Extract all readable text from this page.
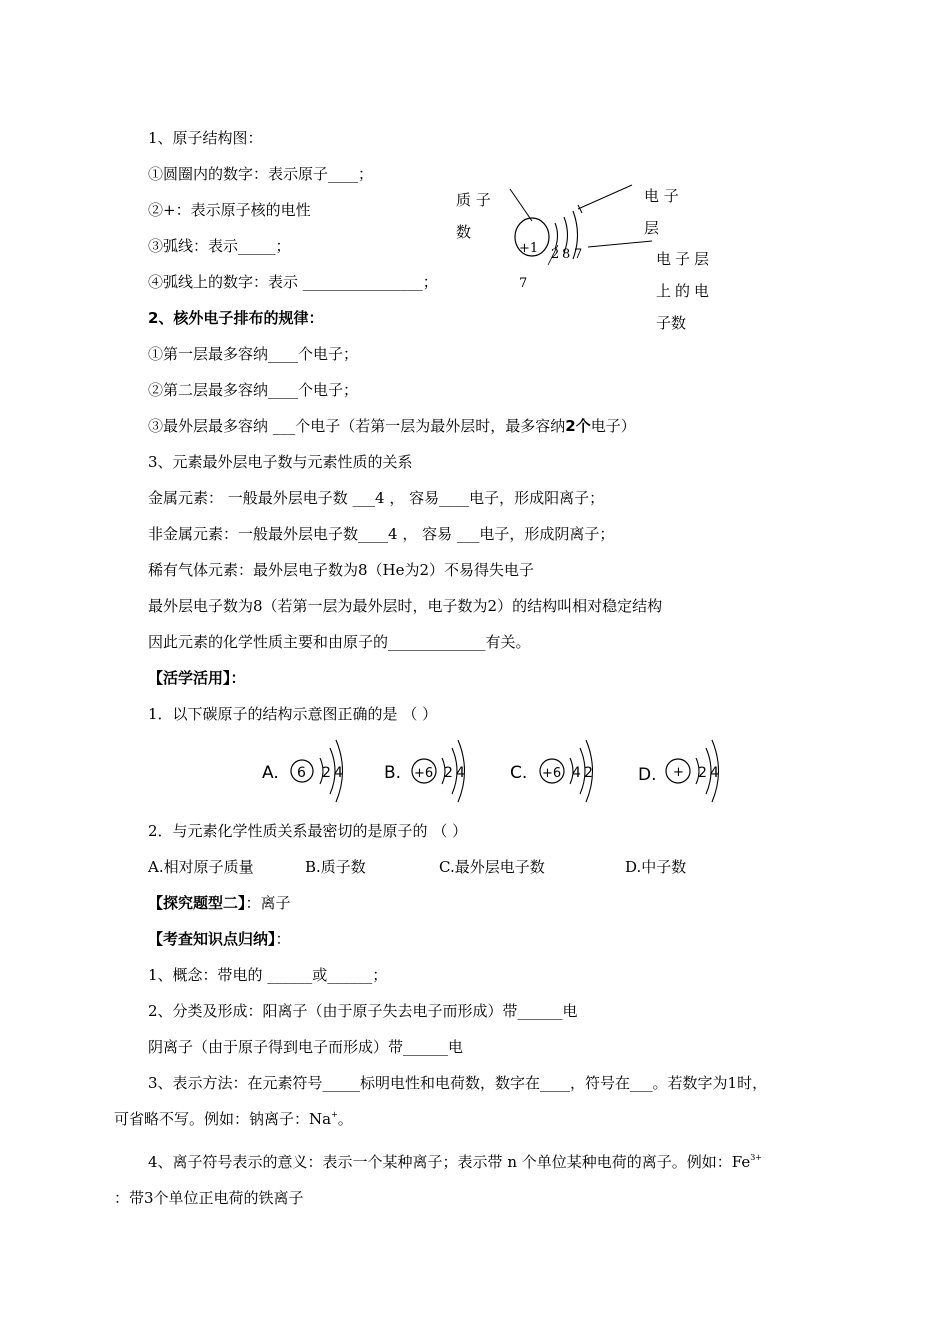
1、原子结构图：
①圆圈内的数字：表示原子____；
②+：表示原子核的电性
③弧线：表示_____；
④弧线上的数字：表示 ________________；
质 子
数
电 子
层
电子层
上的电
子数
+1 2 8 7
7
2、核外电子排布的规律：
①第一层最多容纳____个电子；
②第二层最多容纳____个电子；
③最外层最多容纳 ___个电子（若第一层为最外层时，最多容纳2个电子）
3、元素最外层电子数与元素性质的关系
金属元素： 一般最外层电子数 ___4 ， 容易____电子，形成阳离子；
非金属元素：一般最外层电子数____4 ， 容易 ___电子，形成阴离子；
稀有气体元素：最外层电子数为8（He为2）不易得失电子
最外层电子数为8（若第一层为最外层时，电子数为2）的结构叫相对稳定结构
因此元素的化学性质主要和由原子的_____________有关。
【活学活用】：
1．以下碳原子的结构示意图正确的是 （ ）
A. 6 2 4 B. +6 2 4	C. +6 4 2	D. + 2 4
2．与元素化学性质关系最密切的是原子的 （ ）
A.相对原子质量	B.质子数	C.最外层电子数	D.中子数
【探究题型二】：离子
【考查知识点归纳】：
1、概念：带电的 ______或______；
2、分类及形成：阳离子（由于原子失去电子而形成）带______电
阴离子（由于原子得到电子而形成）带______电
3、表示方法：在元素符号_____标明电性和电荷数，数字在____，符号在___。若数字为1时，
可省略不写。例如：钠离子：Na+。
4、离子符号表示的意义：表示一个某种离子；表示带 n 个单位某种电荷的离子。例如：$Fe^{3+}$
：带3个单位正电荷的铁离子
